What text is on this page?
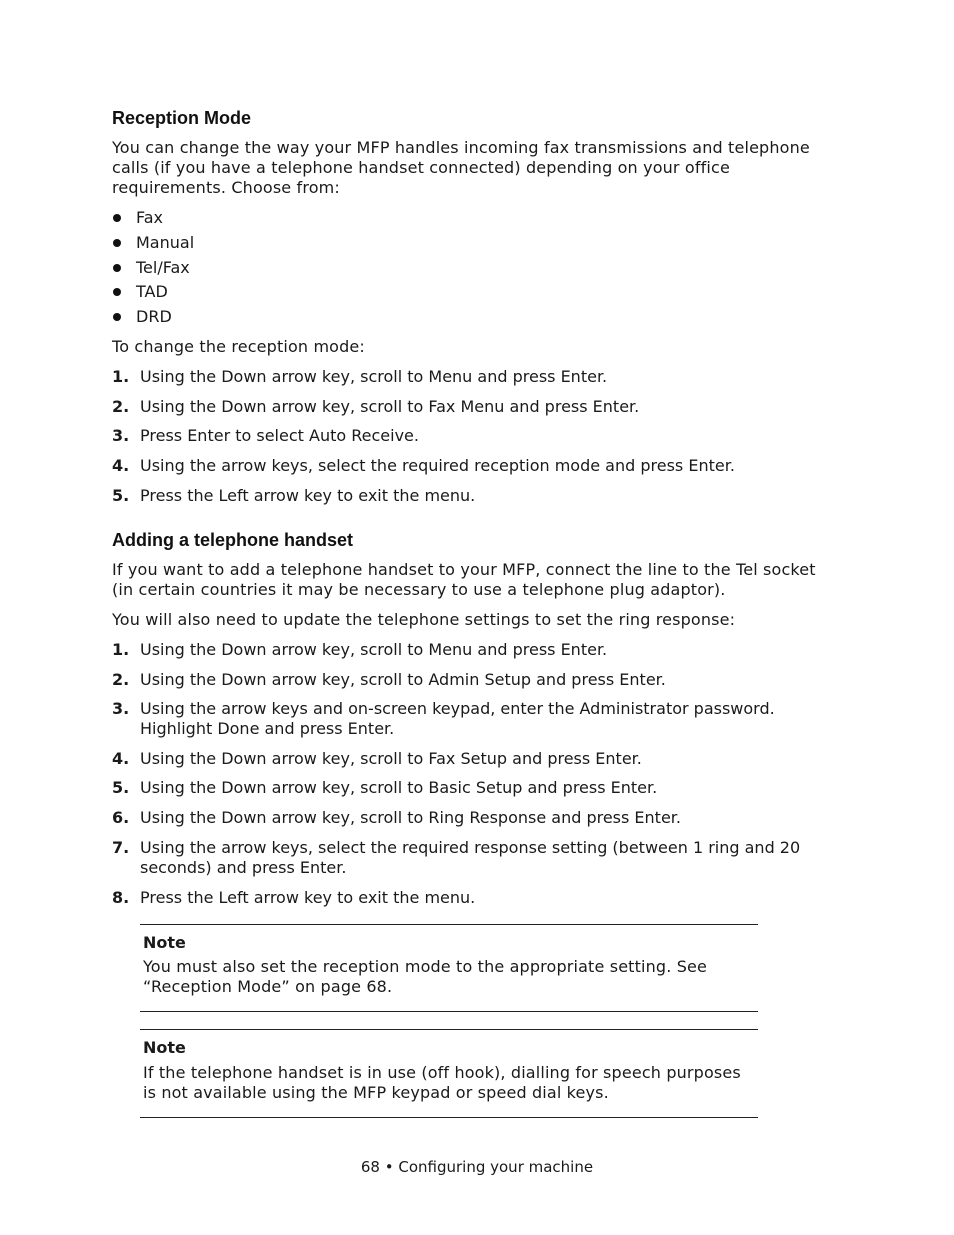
Reception Mode

You can change the way your MFP handles incoming fax transmissions and telephone calls (if you have a telephone handset connected) depending on your office requirements. Choose from:

Fax
Manual
Tel/Fax
TAD
DRD

To change the reception mode:

1. Using the Down arrow key, scroll to Menu and press Enter.
2. Using the Down arrow key, scroll to Fax Menu and press Enter.
3. Press Enter to select Auto Receive.
4. Using the arrow keys, select the required reception mode and press Enter.
5. Press the Left arrow key to exit the menu.
Adding a telephone handset

If you want to add a telephone handset to your MFP, connect the line to the Tel socket (in certain countries it may be necessary to use a telephone plug adaptor).

You will also need to update the telephone settings to set the ring response:

1. Using the Down arrow key, scroll to Menu and press Enter.
2. Using the Down arrow key, scroll to Admin Setup and press Enter.
3. Using the arrow keys and on-screen keypad, enter the Administrator password. Highlight Done and press Enter.
4. Using the Down arrow key, scroll to Fax Setup and press Enter.
5. Using the Down arrow key, scroll to Basic Setup and press Enter.
6. Using the Down arrow key, scroll to Ring Response and press Enter.
7. Using the arrow keys, select the required response setting (between 1 ring and 20 seconds) and press Enter.
8. Press the Left arrow key to exit the menu.
Note
You must also set the reception mode to the appropriate setting. See “Reception Mode” on page 68.
Note
If the telephone handset is in use (off hook), dialling for speech purposes is not available using the MFP keypad or speed dial keys.
68 • Configuring your machine
